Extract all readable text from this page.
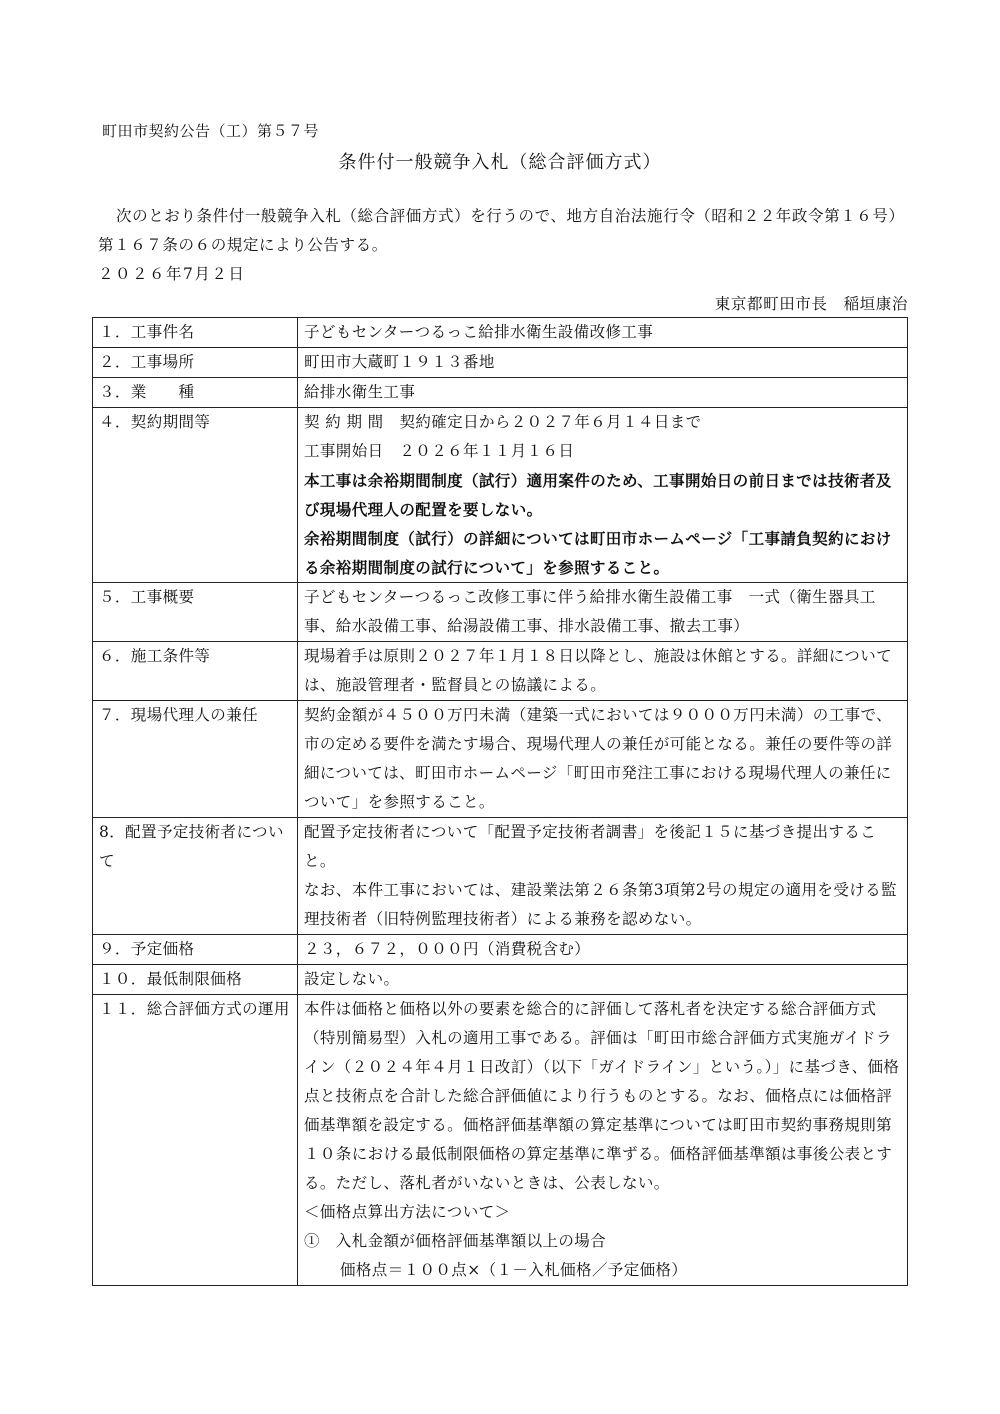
町田市契約公告（工）第５７号
条件付一般競争入札（総合評価方式）
次のとおり条件付一般競争入札（総合評価方式）を行うので、地方自治法施行令（昭和２２年政令第１６号）第１６７条の６の規定により公告する。
２０２６年7月２日
東京都町田市長　稲垣康治
１．工事件名	子どもセンターつるっこ給排水衛生設備改修工事

２．工事場所	町田市大蔵町１９１３番地

３．業　　種	給排水衛生工事

４．契約期間等	契 約 期 間　契約確定日から２０２７年６月１４日まで
工事開始日　２０２６年１１月１６日
本工事は余裕期間制度（試行）適用案件のため、工事開始日の前日までは技術者及び現場代理人の配置を要しない。
余裕期間制度（試行）の詳細については町田市ホームページ「工事請負契約における余裕期間制度の試行について」を参照すること。

５．工事概要	子どもセンターつるっこ改修工事に伴う給排水衛生設備工事　一式（衛生器具工事、給水設備工事、給湯設備工事、排水設備工事、撤去工事）

６．施工条件等	現場着手は原則２０２７年１月１８日以降とし、施設は休館とする。詳細については、施設管理者・監督員との協議による。

７．現場代理人の兼任	契約金額が４５００万円未満（建築一式においては９０００万円未満）の工事で、市の定める要件を満たす場合、現場代理人の兼任が可能となる。兼任の要件等の詳細については、町田市ホームページ「町田市発注工事における現場代理人の兼任について」を参照すること。

8．配置予定技術者について	配置予定技術者について「配置予定技術者調書」を後記１５に基づき提出すること。
なお、本件工事においては、建設業法第２６条第3項第2号の規定の適用を受ける監理技術者（旧特例監理技術者）による兼務を認めない。

９．予定価格	２３，６７２，０００円（消費税含む）

１０．最低制限価格	設定しない。

１１．総合評価方式の運用	本件は価格と価格以外の要素を総合的に評価して落札者を決定する総合評価方式（特別簡易型）入札の適用工事である。評価は「町田市総合評価方式実施ガイドライン（２０２４年４月１日改訂）（以下「ガイドライン」という。）」に基づき、価格点と技術点を合計した総合評価値により行うものとする。なお、価格点には価格評価基準額を設定する。価格評価基準額の算定基準については町田市契約事務規則第１０条における最低制限価格の算定基準に準ずる。価格評価基準額は事後公表とする。ただし、落札者がいないときは、公表しない。
＜価格点算出方法について＞
①　入札金額が価格評価基準額以上の場合
価格点＝１００点×（１－入札価格／予定価格）
